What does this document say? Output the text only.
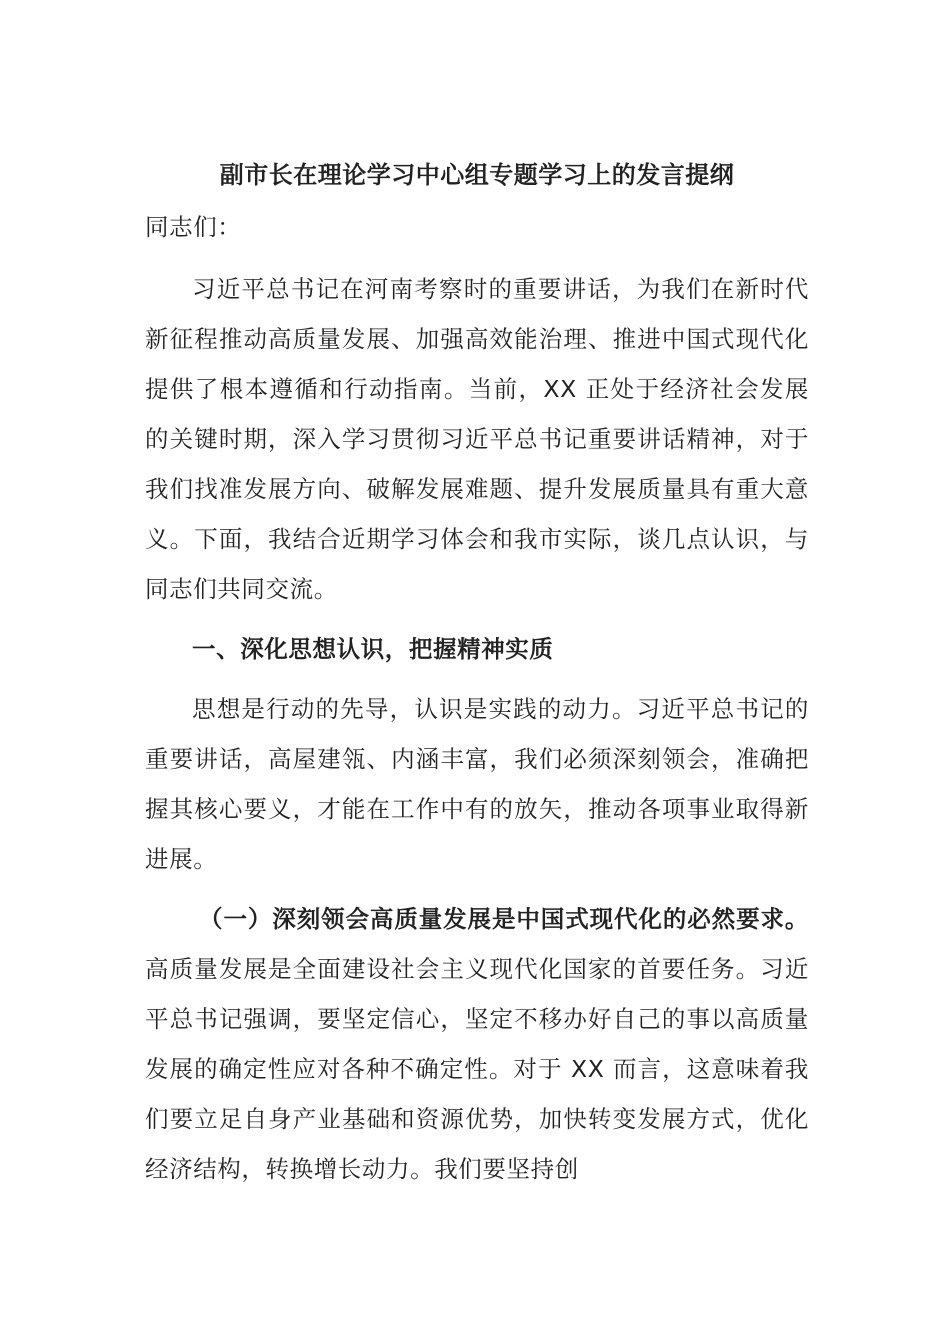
副市长在理论学习中心组专题学习上的发言提纲
同志们：
习近平总书记在河南考察时的重要讲话，为我们在新时代新征程推动高质量发展、加强高效能治理、推进中国式现代化提供了根本遵循和行动指南。当前，XX 正处于经济社会发展的关键时期，深入学习贯彻习近平总书记重要讲话精神，对于我们找准发展方向、破解发展难题、提升发展质量具有重大意义。下面，我结合近期学习体会和我市实际，谈几点认识，与同志们共同交流。
一、深化思想认识，把握精神实质
思想是行动的先导，认识是实践的动力。习近平总书记的重要讲话，高屋建瓴、内涵丰富，我们必须深刻领会，准确把握其核心要义，才能在工作中有的放矢，推动各项事业取得新进展。
（一）深刻领会高质量发展是中国式现代化的必然要求。高质量发展是全面建设社会主义现代化国家的首要任务。习近平总书记强调，要坚定信心，坚定不移办好自己的事以高质量发展的确定性应对各种不确定性。对于 XX 而言，这意味着我们要立足自身产业基础和资源优势，加快转变发展方式，优化经济结构，转换增长动力。我们要坚持创
